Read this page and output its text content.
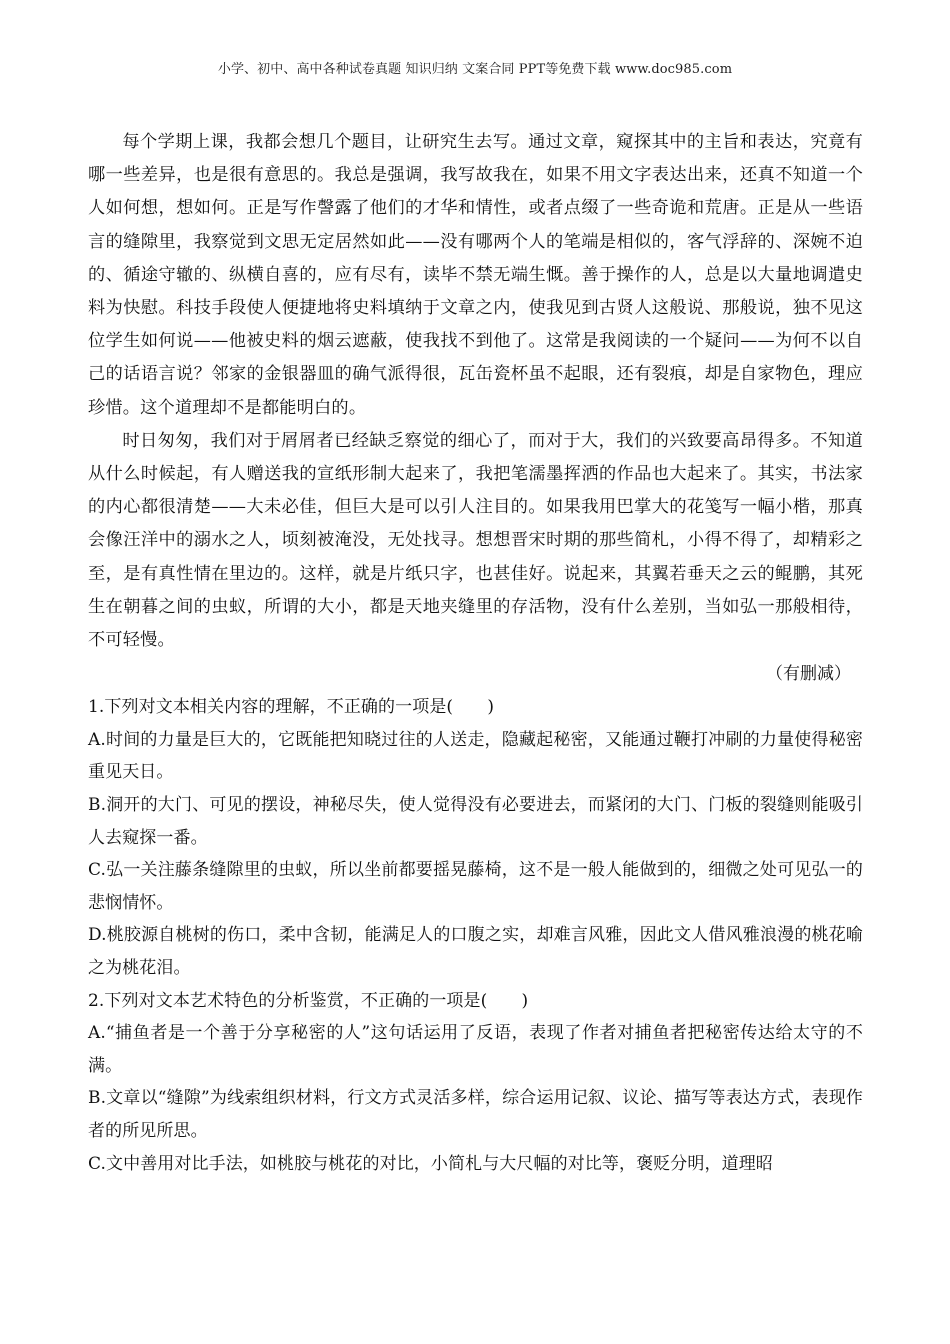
小学、初中、高中各种试卷真题 知识归纳 文案合同 PPT等免费下载 www.doc985.com

每个学期上课，我都会想几个题目，让研究生去写。通过文章，窥探其中的主旨和表达，究竟有哪一些差异，也是很有意思的。我总是强调，我写故我在，如果不用文字表达出来，还真不知道一个人如何想，想如何。正是写作謦露了他们的才华和情性，或者点缀了一些奇诡和荒唐。正是从一些语言的缝隙里，我察觉到文思无定居然如此——没有哪两个人的笔端是相似的，客气浮辞的、深婉不迫的、循途守辙的、纵横自喜的，应有尽有，读毕不禁无端生慨。善于操作的人，总是以大量地调遣史料为快慰。科技手段使人便捷地将史料填纳于文章之内，使我见到古贤人这般说、那般说，独不见这位学生如何说——他被史料的烟云遮蔽，使我找不到他了。这常是我阅读的一个疑问——为何不以自己的话语言说？邻家的金银器皿的确气派得很，瓦缶瓷杯虽不起眼，还有裂痕，却是自家物色，理应珍惜。这个道理却不是都能明白的。

时日匆匆，我们对于屑屑者已经缺乏察觉的细心了，而对于大，我们的兴致要高昂得多。不知道从什么时候起，有人赠送我的宣纸形制大起来了，我把笔濡墨挥洒的作品也大起来了。其实，书法家的内心都很清楚——大未必佳，但巨大是可以引人注目的。如果我用巴掌大的花笺写一幅小楷，那真会像汪洋中的溺水之人，顷刻被淹没，无处找寻。想想晋宋时期的那些简札，小得不得了，却精彩之至，是有真性情在里边的。这样，就是片纸只字，也甚佳好。说起来，其翼若垂天之云的鲲鹏，其死生在朝暮之间的虫蚁，所谓的大小，都是天地夹缝里的存活物，没有什么差别，当如弘一那般相待，不可轻慢。

（有删减）

1.下列对文本相关内容的理解，不正确的一项是(　　)

A.时间的力量是巨大的，它既能把知晓过往的人送走，隐藏起秘密，又能通过鞭打冲刷的力量使得秘密重见天日。

B.洞开的大门、可见的摆设，神秘尽失，使人觉得没有必要进去，而紧闭的大门、门板的裂缝则能吸引人去窥探一番。

C.弘一关注藤条缝隙里的虫蚁，所以坐前都要摇晃藤椅，这不是一般人能做到的，细微之处可见弘一的悲悯情怀。

D.桃胶源自桃树的伤口，柔中含韧，能满足人的口腹之实，却难言风雅，因此文人借风雅浪漫的桃花喻之为桃花泪。

2.下列对文本艺术特色的分析鉴赏，不正确的一项是(　　)

A.“捕鱼者是一个善于分享秘密的人”这句话运用了反语，表现了作者对捕鱼者把秘密传达给太守的不满。

B.文章以“缝隙”为线索组织材料，行文方式灵活多样，综合运用记叙、议论、描写等表达方式，表现作者的所见所思。

C.文中善用对比手法，如桃胶与桃花的对比，小简札与大尺幅的对比等，褒贬分明，道理昭
